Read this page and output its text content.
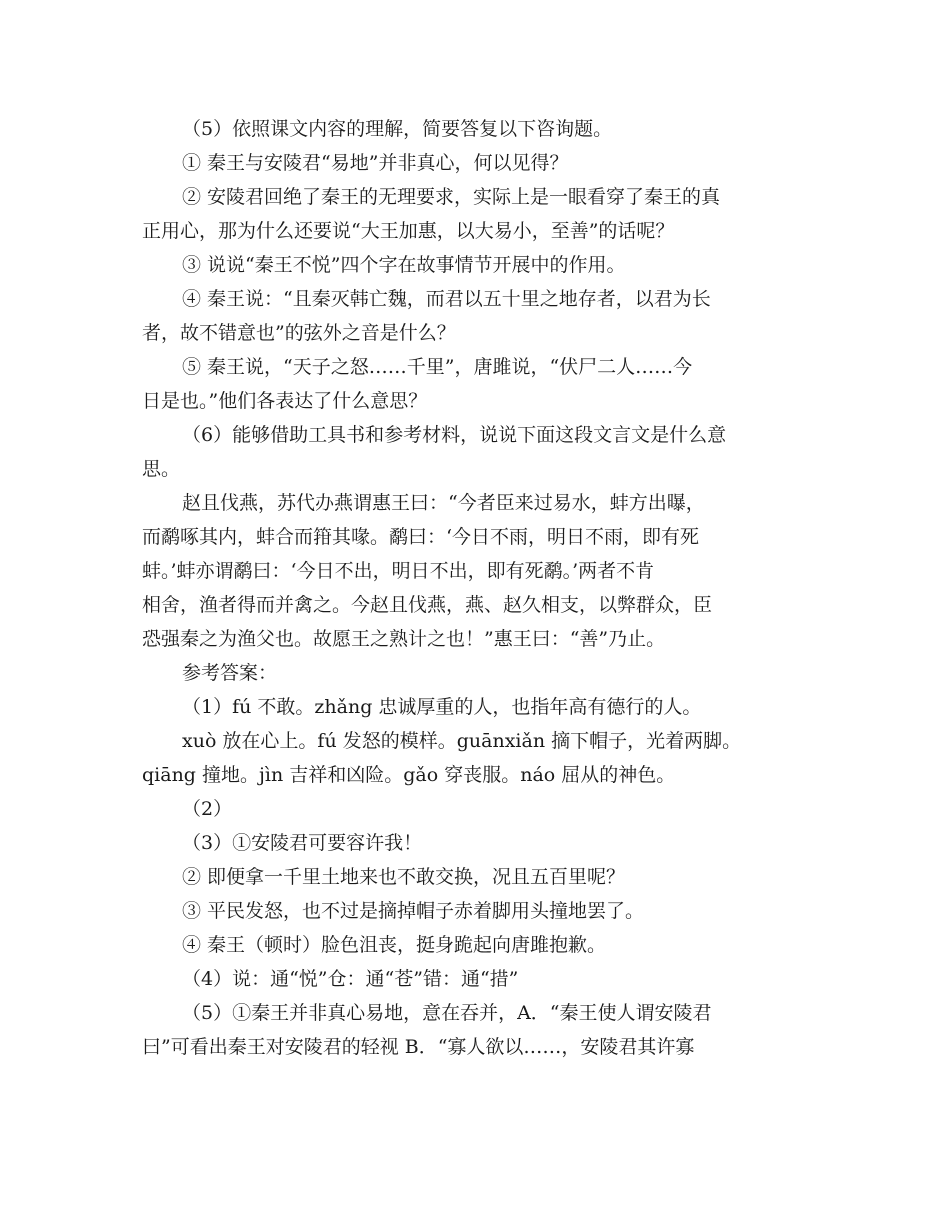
（5）依照课文内容的理解，简要答复以下咨询题。
① 秦王与安陵君“易地”并非真心，何以见得？
② 安陵君回绝了秦王的无理要求，实际上是一眼看穿了秦王的真
正用心，那为什么还要说“大王加惠，以大易小，至善”的话呢？
③ 说说“秦王不悦”四个字在故事情节开展中的作用。
④ 秦王说：“且秦灭韩亡魏，而君以五十里之地存者，以君为长
者，故不错意也”的弦外之音是什么？
⑤ 秦王说，“天子之怒……千里”，唐雎说，“伏尸二人……今
日是也。”他们各表达了什么意思？
（6）能够借助工具书和参考材料，说说下面这段文言文是什么意
思。
赵且伐燕，苏代办燕谓惠王曰：“今者臣来过易水，蚌方出曝，
而鹬啄其内，蚌合而箝其喙。鹬曰：‘今日不雨，明日不雨，即有死
蚌。’蚌亦谓鹬曰：‘今日不出，明日不出，即有死鹬。’两者不肯
相舍，渔者得而并禽之。今赵且伐燕，燕、赵久相支，以弊群众，臣
恐强秦之为渔父也。故愿王之熟计之也！”惠王曰：“善”乃止。
参考答案：
（1）fú 不敢。zhǎng 忠诚厚重的人，也指年高有德行的人。
xuò 放在心上。fú 发怒的模样。guānxiǎn 摘下帽子，光着两脚。
qiāng 撞地。jìn 吉祥和凶险。gǎo 穿丧服。náo 屈从的神色。
（2）
（3）①安陵君可要容许我！
② 即便拿一千里土地来也不敢交换，况且五百里呢？
③ 平民发怒，也不过是摘掉帽子赤着脚用头撞地罢了。
④ 秦王（顿时）脸色沮丧，挺身跪起向唐雎抱歉。
（4）说：通“悦”仓：通“苍”错：通“措”
（5）①秦王并非真心易地，意在吞并，A．“秦王使人谓安陵君
曰”可看出秦王对安陵君的轻视 B．“寡人欲以……，安陵君其许寡
